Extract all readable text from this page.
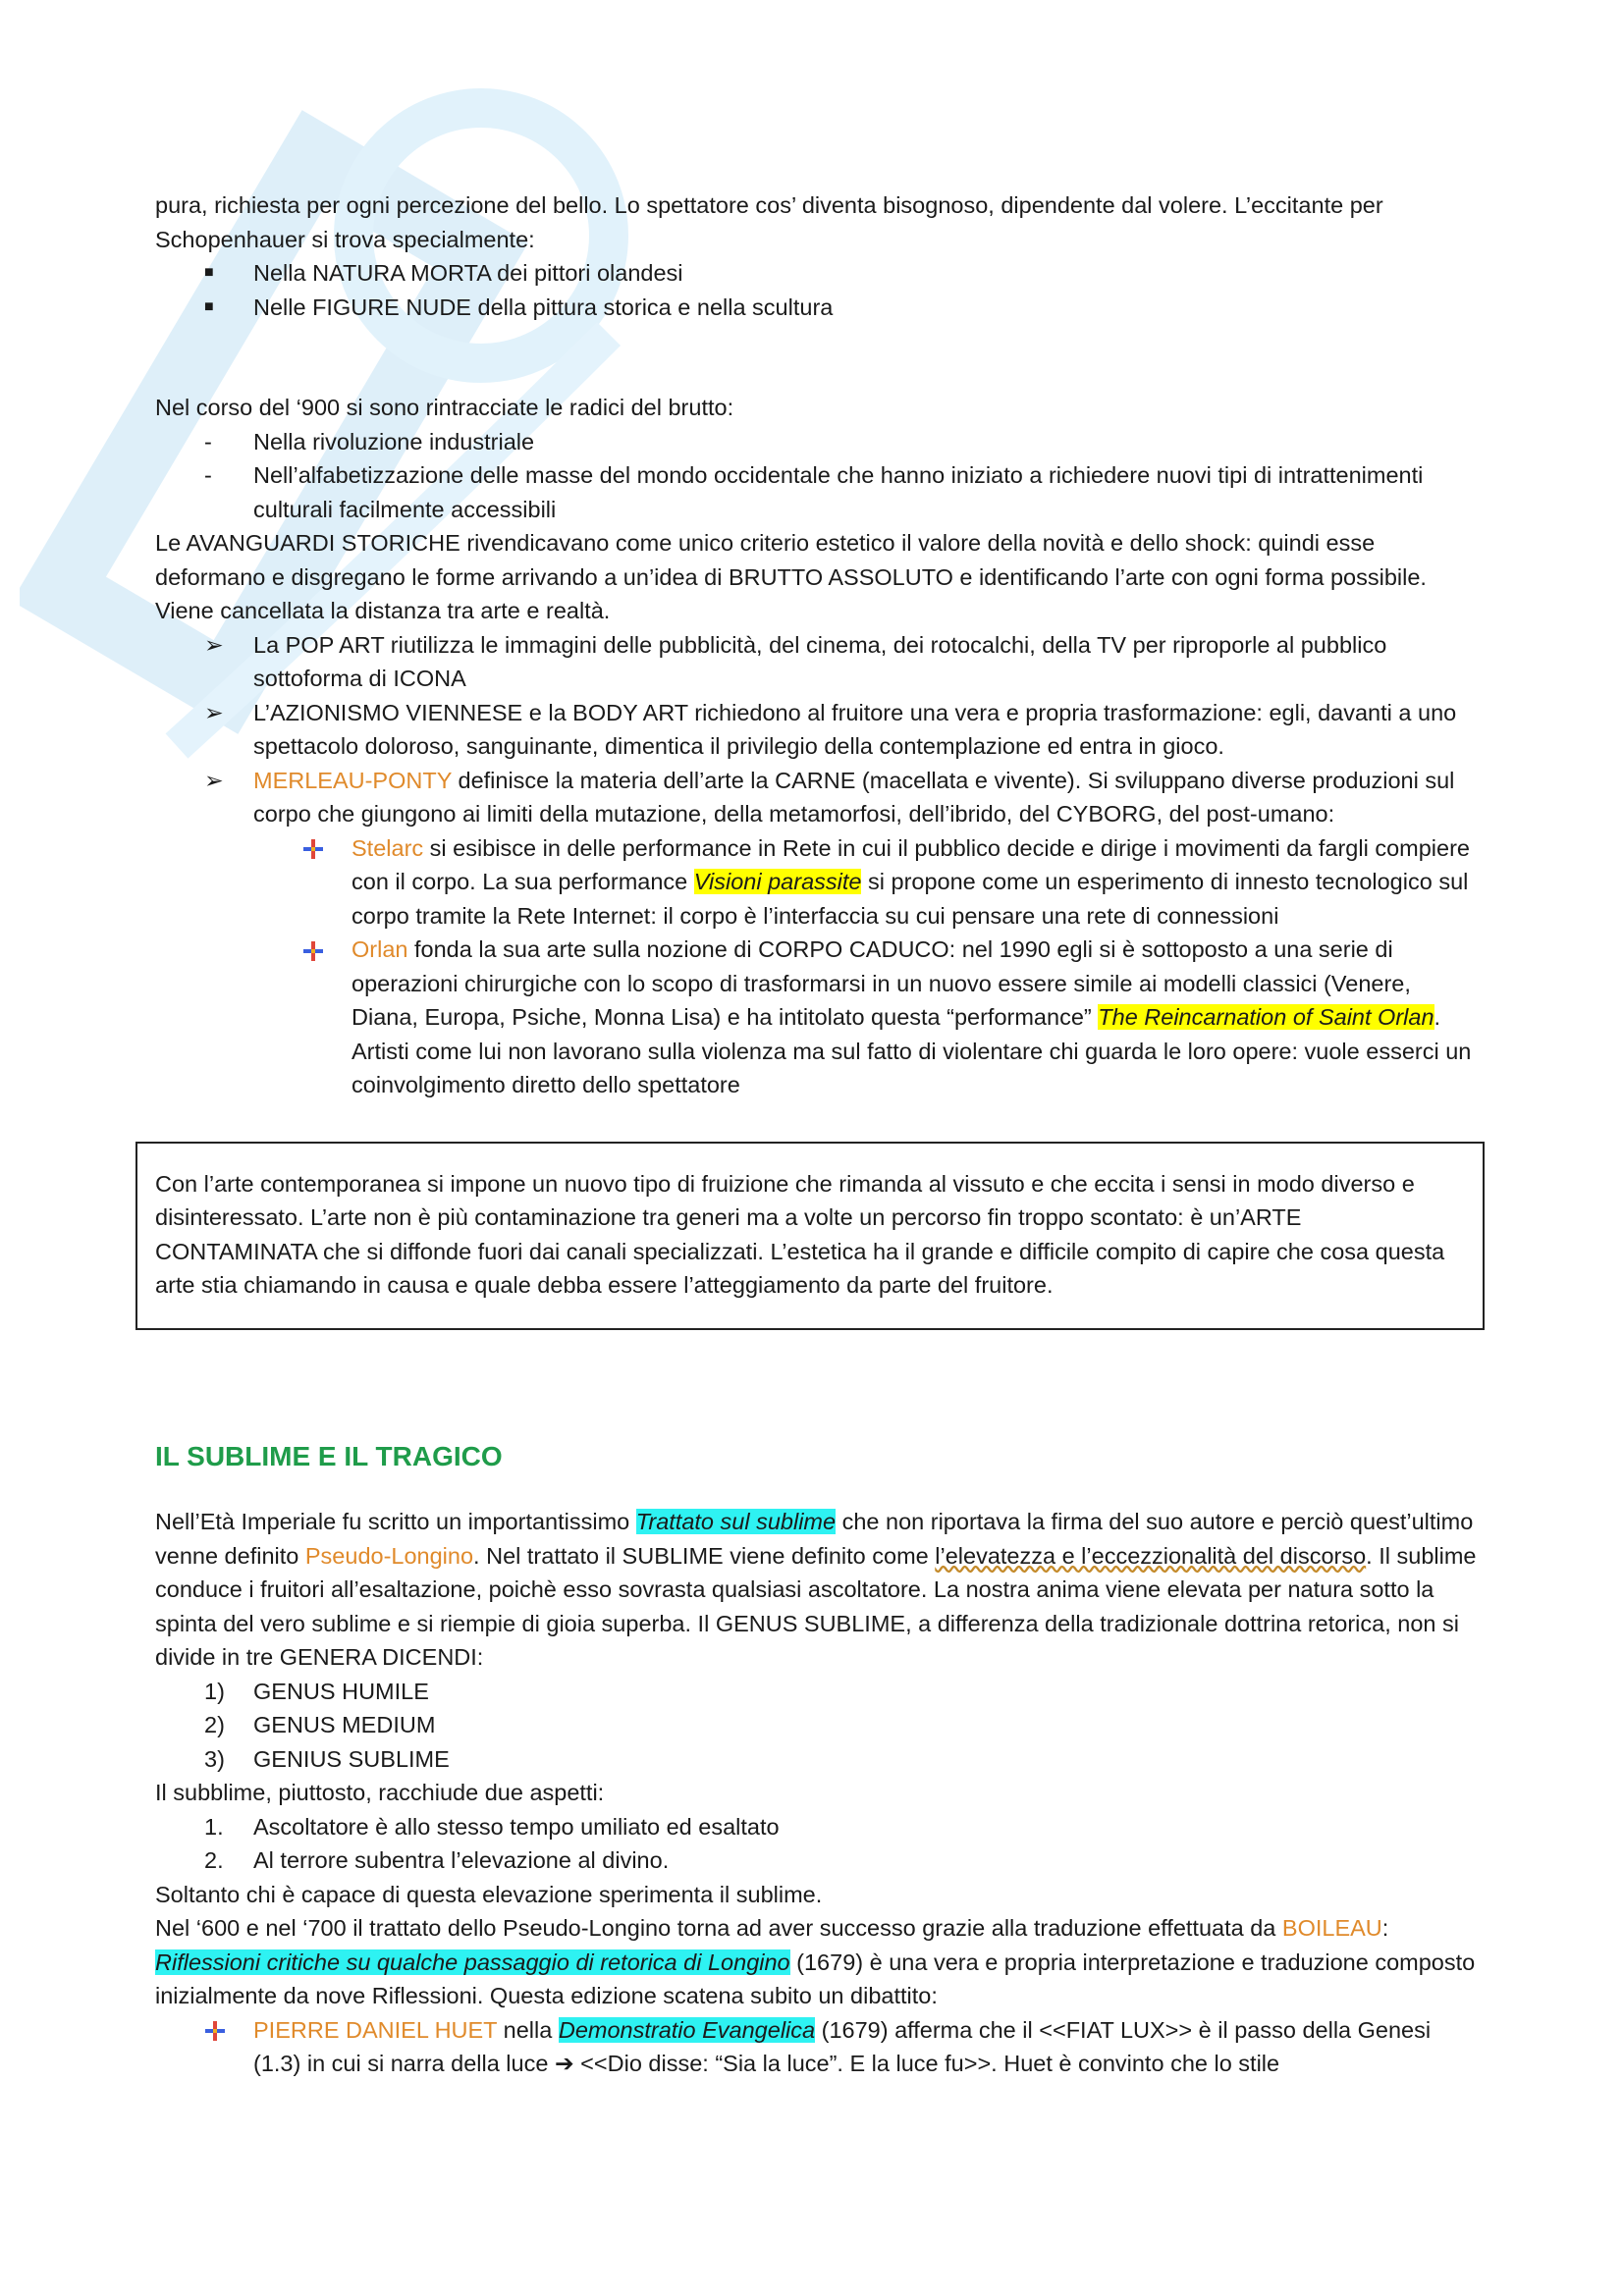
pura, richiesta per ogni percezione del bello. Lo spettatore cos’ diventa bisognoso, dipendente dal volere. L’eccitante per Schopenhauer si trova specialmente:

■	Nella NATURA MORTA dei pittori olandesi
■	Nelle FIGURE NUDE della pittura storica e nella scultura

Nel corso del ‘900 si sono rintracciate le radici del brutto:

-	Nella rivoluzione industriale
-	Nell’alfabetizzazione delle masse del mondo occidentale che hanno iniziato a richiedere nuovi tipi di intrattenimenti culturali facilmente accessibili

Le AVANGUARDI STORICHE rivendicavano come unico criterio estetico il valore della novità e dello shock: quindi esse deformano e disgregano le forme arrivando a un’idea di BRUTTO ASSOLUTO e identificando l’arte con ogni forma possibile. Viene cancellata la distanza tra arte e realtà.

➢	La POP ART riutilizza le immagini delle pubblicità, del cinema, dei rotocalchi, della TV per riproporle al pubblico sottoforma di ICONA
➢	L’AZIONISMO VIENNESE e la BODY ART richiedono al fruitore una vera e propria trasformazione: egli, davanti a uno spettacolo doloroso, sanguinante, dimentica il privilegio della contemplazione ed entra in gioco.
➢	MERLEAU-PONTY definisce la materia dell’arte la CARNE (macellata e vivente). Si sviluppano diverse produzioni sul corpo che giungono ai limiti della mutazione, della metamorfosi, dell’ibrido, del CYBORG, del post-umano:
Stelarc si esibisce in delle performance in Rete in cui il pubblico decide e dirige i movimenti da fargli compiere con il corpo. La sua performance Visioni parassite si propone come un esperimento di innesto tecnologico sul corpo tramite la Rete Internet: il corpo è l’interfaccia su cui pensare una rete di connessioni
Orlan fonda la sua arte sulla nozione di CORPO CADUCO: nel 1990 egli si è sottoposto a una serie di operazioni chirurgiche con lo scopo di trasformarsi in un nuovo essere simile ai modelli classici (Venere, Diana, Europa, Psiche, Monna Lisa) e ha intitolato questa “performance” The Reincarnation of Saint Orlan. Artisti come lui non lavorano sulla violenza ma sul fatto di violentare chi guarda le loro opere: vuole esserci un coinvolgimento diretto dello spettatore

Con l’arte contemporanea si impone un nuovo tipo di fruizione che rimanda al vissuto e che eccita i sensi in modo diverso e disinteressato. L’arte non è più contaminazione tra generi ma a volte un percorso fin troppo scontato: è un’ARTE CONTAMINATA che si diffonde fuori dai canali specializzati. L’estetica ha il grande e difficile compito di capire che cosa questa arte stia chiamando in causa e quale debba essere l’atteggiamento da parte del fruitore.

IL SUBLIME E IL TRAGICO

Nell’Età Imperiale fu scritto un importantissimo Trattato sul sublime che non riportava la firma del suo autore e perciò quest’ultimo venne definito Pseudo-Longino. Nel trattato il SUBLIME viene definito come l’elevatezza e l’eccezzionalità del discorso. Il sublime conduce i fruitori all’esaltazione, poichè esso sovrasta qualsiasi ascoltatore. La nostra anima viene elevata per natura sotto la spinta del vero sublime e si riempie di gioia superba. Il GENUS SUBLIME, a differenza della tradizionale dottrina retorica, non si divide in tre GENERA DICENDI:

1)	GENUS HUMILE
2)	GENUS MEDIUM
3)	GENIUS SUBLIME

Il subblime, piuttosto, racchiude due aspetti:

1.	Ascoltatore è allo stesso tempo umiliato ed esaltato
2.	Al terrore subentra l’elevazione al divino.

Soltanto chi è capace di questa elevazione sperimenta il sublime.

Nel ‘600 e nel ‘700 il trattato dello Pseudo-Longino torna ad aver successo grazie alla traduzione effettuata da BOILEAU: Riflessioni critiche su qualche passaggio di retorica di Longino (1679) è una vera e propria interpretazione e traduzione composto inizialmente da nove Riflessioni. Questa edizione scatena subito un dibattito:

PIERRE DANIEL HUET nella Demonstratio Evangelica (1679) afferma che il <<FIAT LUX>> è il passo della Genesi (1.3) in cui si narra della luce ➔ <<Dio disse: “Sia la luce”. E la luce fu>>. Huet è convinto che lo stile
